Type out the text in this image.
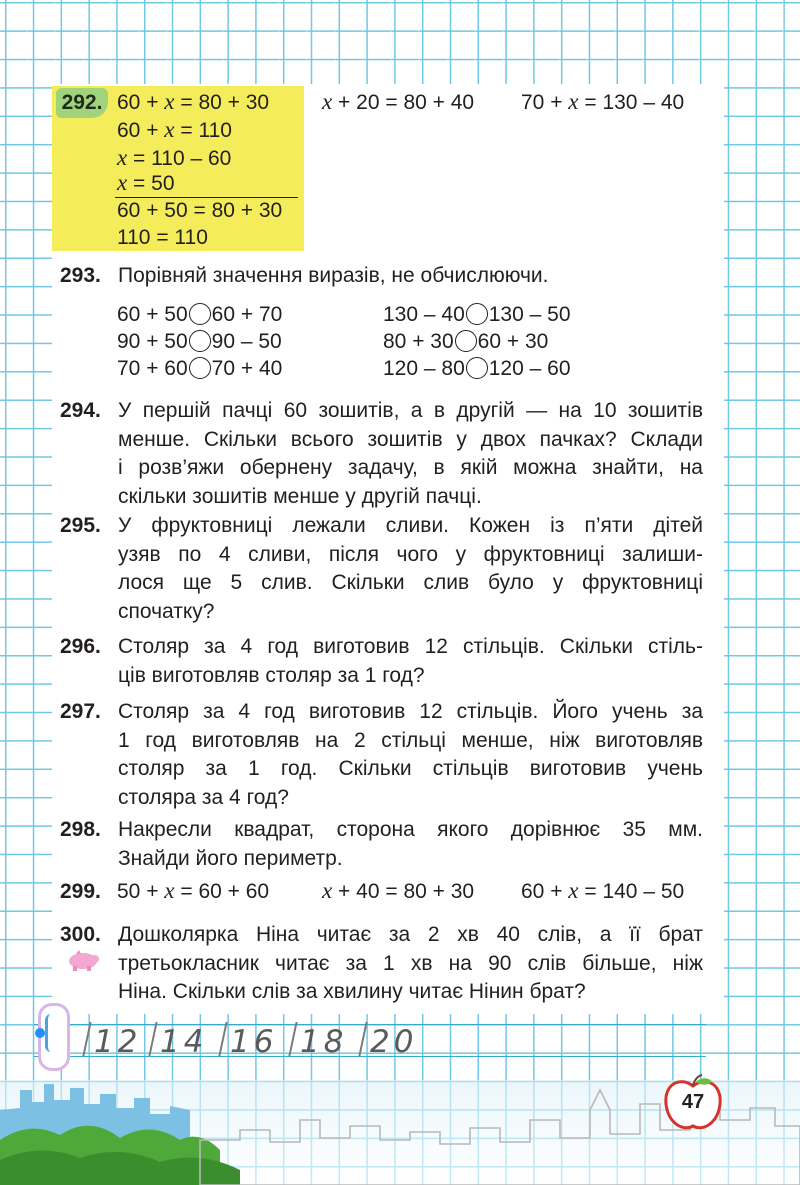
292. 60 + x = 80 + 30 x + 20 = 80 + 40 70 + x = 130 – 40
60 + x = 110
x = 110 – 60
x = 50
60 + 50 = 80 + 30
110 = 110
293. Порівняй значення виразів, не обчислюючи.
60 + 50 60 + 70
90 + 50 90 – 50
70 + 60 70 + 40
130 – 40 130 – 50
80 + 30 60 + 30
120 – 80 120 – 60
294. У першій пачці 60 зошитів, а в другій — на 10 зошитів
менше. Скільки всього зошитів у двох пачках? Склади
і розв’яжи обернену задачу, в якій можна знайти, на
скільки зошитів менше у другій пачці.
295. У фруктовниці лежали сливи. Кожен із п’яти дітей
узяв по 4 сливи, після чого у фруктовниці залиши-
лося ще 5 слив. Скільки слив було у фруктовниці
спочатку?
296. Столяр за 4 год виготовив 12 стільців. Скільки стіль-
ців виготовляв столяр за 1 год?
297. Столяр за 4 год виготовив 12 стільців. Його учень за
1 год виготовляв на 2 стільці менше, ніж виготовляв
столяр за 1 год. Скільки стільців виготовив учень
столяра за 4 год?
298. Накресли квадрат, сторона якого дорівнює 35 мм.
Знайди його периметр.
299. 50 + x = 60 + 60 x + 40 = 80 + 30 60 + x = 140 – 50
300. Дошколярка Ніна читає за 2 хв 40 слів, а її брат
третьокласник читає за 1 хв на 90 слів більше, ніж
Ніна. Скільки слів за хвилину читає Нінин брат?
12 14 16 18 20
47
